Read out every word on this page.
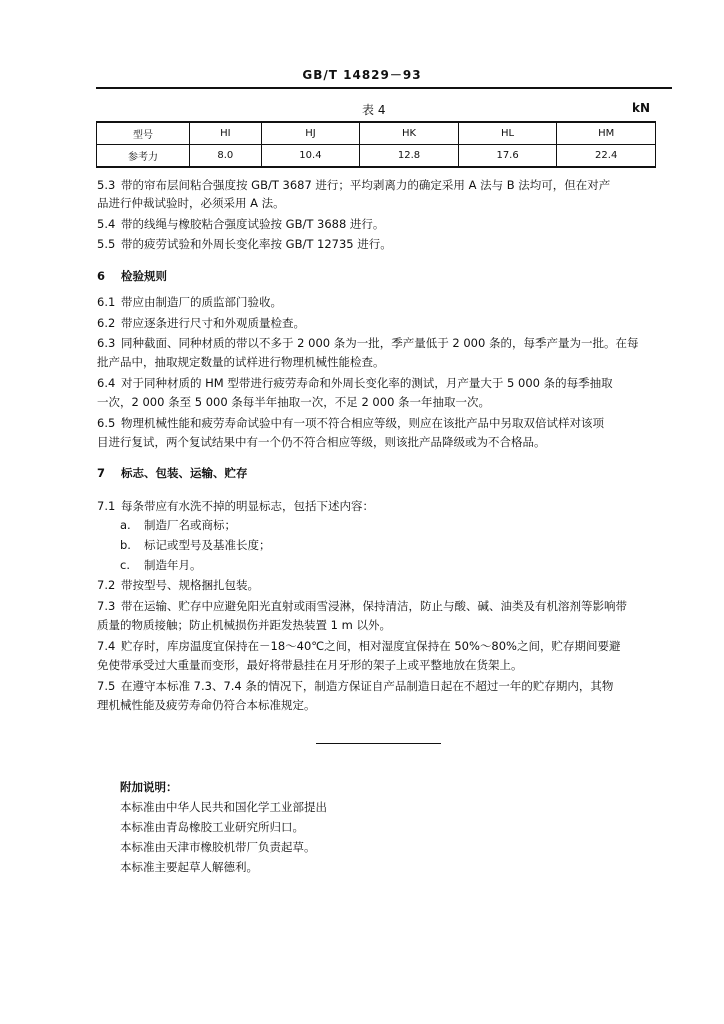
GB/T 14829－93
表 4	kN
型号	HI	HJ	HK	HL	HM
参考力	8.0	10.4	12.8	17.6	22.4
5.3 带的帘布层间粘合强度按 GB/T 3687 进行；平均剥离力的确定采用 A 法与 B 法均可，但在对产
品进行仲裁试验时，必须采用 A 法。
5.4 带的线绳与橡胶粘合强度试验按 GB/T 3688 进行。
5.5 带的疲劳试验和外周长变化率按 GB/T 12735 进行。
6 检验规则
6.1 带应由制造厂的质监部门验收。
6.2 带应逐条进行尺寸和外观质量检查。
6.3 同种截面、同种材质的带以不多于 2 000 条为一批，季产量低于 2 000 条的，每季产量为一批。在每
批产品中，抽取规定数量的试样进行物理机械性能检查。
6.4 对于同种材质的 HM 型带进行疲劳寿命和外周长变化率的测试，月产量大于 5 000 条的每季抽取
一次，2 000 条至 5 000 条每半年抽取一次，不足 2 000 条一年抽取一次。
6.5 物理机械性能和疲劳寿命试验中有一项不符合相应等级，则应在该批产品中另取双倍试样对该项
目进行复试，两个复试结果中有一个仍不符合相应等级，则该批产品降级或为不合格品。
7 标志、包装、运输、贮存
7.1 每条带应有水洗不掉的明显标志，包括下述内容：
a. 制造厂名或商标；
b. 标记或型号及基准长度；
c. 制造年月。
7.2 带按型号、规格捆扎包装。
7.3 带在运输、贮存中应避免阳光直射或雨雪浸淋，保持清洁，防止与酸、碱、油类及有机溶剂等影响带
质量的物质接触；防止机械损伤并距发热装置 1 m 以外。
7.4 贮存时，库房温度宜保持在－18～40℃之间，相对湿度宜保持在 50%～80%之间，贮存期间要避
免使带承受过大重量而变形，最好将带悬挂在月牙形的架子上或平整地放在货架上。
7.5 在遵守本标准 7.3、7.4 条的情况下，制造方保证自产品制造日起在不超过一年的贮存期内，其物
理机械性能及疲劳寿命仍符合本标准规定。
附加说明：
本标准由中华人民共和国化学工业部提出
本标准由青岛橡胶工业研究所归口。
本标准由天津市橡胶机带厂负责起草。
本标准主要起草人解德利。
